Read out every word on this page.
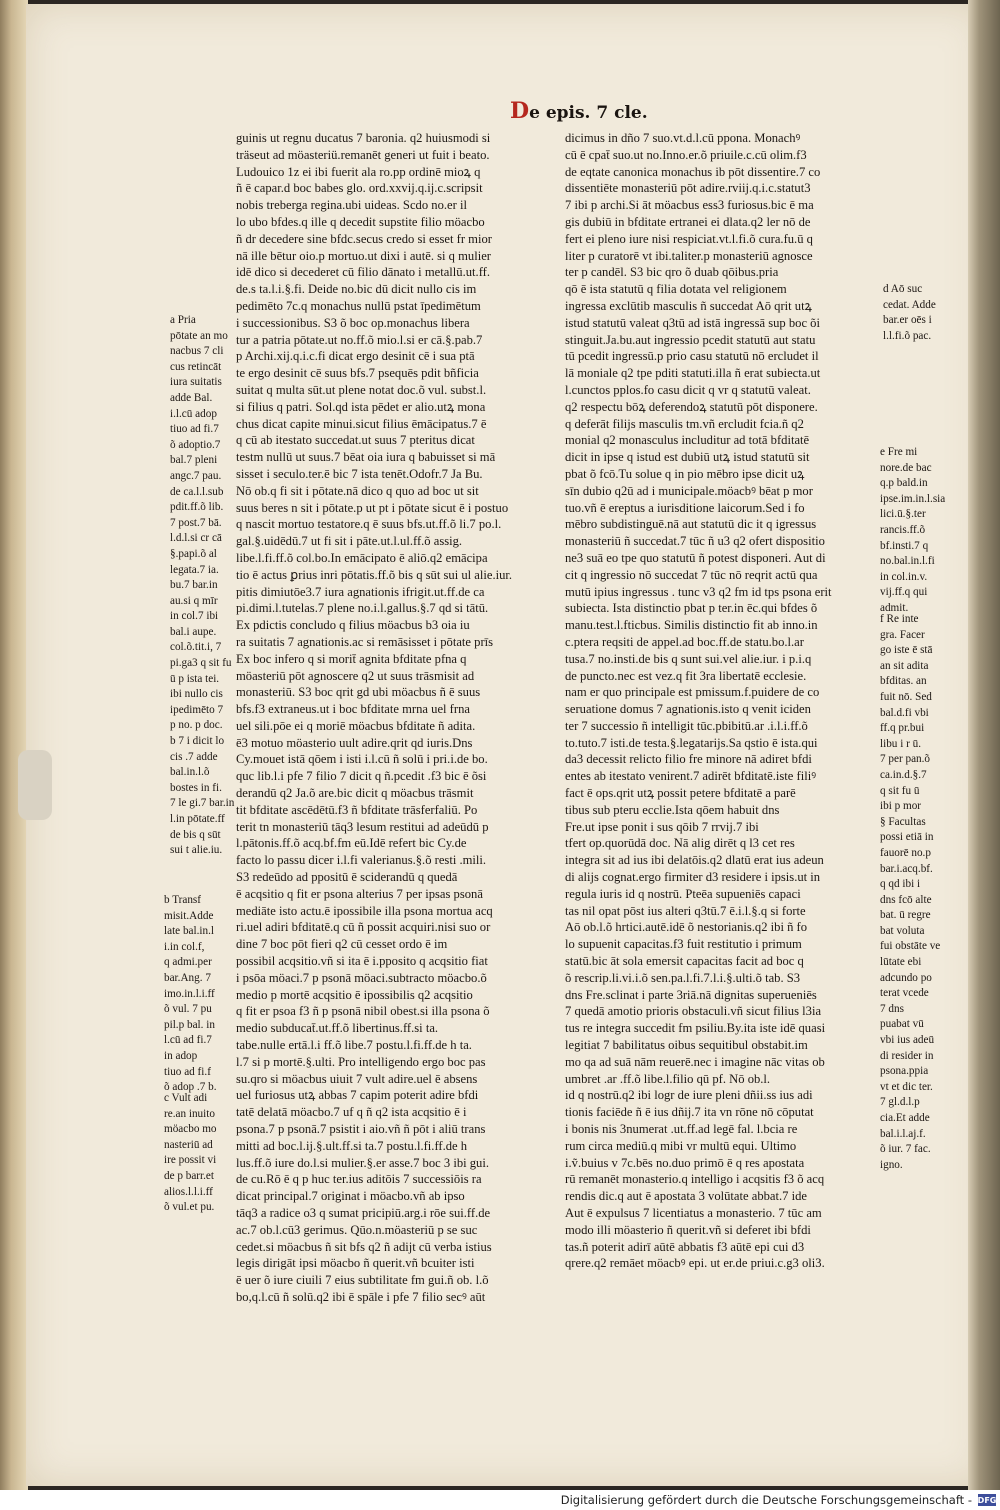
De epis. 7 cle.
guinis ut regnu ducatus 7 baronia. q2 huiusmodi si
träseut ad möasteriü.remanēt generi ut fuit i beato.
Ludouico 1z ei ibi fuerit ala ro.pp ordinē mioꝝ q
ñ ē capar.d boc babes glo. ord.xxvij.q.ij.c.scripsit
nobis treberga regina.ubi uideas. Scdo no.er il
lo ubo bfdes.q ille q decedit supstite filio möacbo
ñ dr decedere sine bfdc.secus credo si esset fr mior
nā ille bētur oio.p mortuo.ut dixi i autē. si q mulier
idē dico si decederet cū filio dānato i metallū.ut.ff.
de.s ta.l.i.§.fi. Deide no.bic dū dicit nullo cis im
pedimēto 7c.q monachus nullū pstat īpedimētum
i successionibus. S3 õ boc op.monachus libera
tur a patria pōtate.ut no.ff.õ mio.l.si er cā.§.pab.7
p Archi.xij.q.i.c.fi dicat ergo desinit cē i sua ptā
te ergo desinit cē suus bfs.7 psequēs pdit bñficia
suitat q multa sūt.ut plene notat doc.õ vul. subst.l.
si filius q patri. Sol.qd ista pēdet er alio.utꝝ mona
chus dicat capite minui.sicut filius ēmācipatus.7 ē
q cū ab itestato succedat.ut suus 7 pteritus dicat
testm nullū ut suus.7 bēat oia iura q babuisset si mā
sisset i seculo.ter.ē bic 7 ista tenēt.Odofr.7 Ja Bu.
Nō ob.q fi sit i pōtate.nā dico q quo ad boc ut sit
suus beres n sit i pōtate.p ut pt i pōtate sicut ē i postuo
q nascit mortuo testatore.q ē suus bfs.ut.ff.õ li.7 po.l.
gal.§.uidēdū.7 ut fi sit i pāte.ut.l.ul.ff.õ assig.
libe.l.fi.ff.õ col.bo.In emācipato ē aliō.q2 emācipa
tio ē actus ꝑrius inri pōtatis.ff.õ bis q sūt sui ul alie.iur.
pitis dimiutōe3.7 iura agnationis ifrigit.ut.ff.de ca
pi.dimi.l.tutelas.7 plene no.i.l.gallus.§.7 qd si tātū.
Ex pdictis concludo q filius möacbus b3 oia iu
ra suitatis 7 agnationis.ac si remāsisset i pōtate prīs
Ex boc infero q si morit̄ agnita bfditate pfna q
möasteriū pōt agnoscere q2 ut suus trāsmisit ad
monasteriū. S3 boc qrit gd ubi möacbus ñ ē suus
bfs.f3 extraneus.ut i boc bfditate mrna uel frna
uel sili.pōe ei q moriē möacbus bfditate ñ adita.
ē3 motuo möasterio uult adire.qrit qd iuris.Dns
Cy.mouet istā qōem i isti i.l.cū ñ solū i pri.i.de bo.
quc lib.l.i pfe 7 filio 7 dicit q ñ.pcedit .f3 bic ē õsi
derandū q2 Ja.õ are.bic dicit q möacbus trāsmit
tit bfditate ascēdētū.f3 ñ bfditate trāsferfaliū. Po
terit tn monasteriū tāq3 lesum restitui ad adeūdū p
l.pātonis.ff.õ acq.bf.fm eū.Idē refert bic Cy.de
facto lo passu dicer i.l.fi valerianus.§.õ resti .mili.
S3 redeūdo ad ppositū ē sciderandū q quedā
ē acqsitio q fit er psona alterius 7 per ipsas psonā
mediāte isto actu.ē ipossibile illa psona mortua acq
ri.uel adiri bfditatē.q cū ñ possit acquiri.nisi suo or
dine 7 boc pōt fieri q2 cū cesset ordo ē im
possibil acqsitio.vñ si ita ē i.pposito q acqsitio fiat
i psōa möaci.7 p psonā möaci.subtracto möacbo.õ
medio p mortē acqsitio ē ipossibilis q2 acqsitio
q fit er psoa f3 ñ p psonā nibil obest.si illa psona õ
medio subducat̄.ut.ff.õ libertinus.ff.si ta.
tabe.nulle ertā.l.i ff.õ libe.7 postu.l.fi.ff.de h ta.
l.7 si p mortē.§.ulti. Pro intelligendo ergo boc pas
su.qro si möacbus uiuit 7 vult adire.uel ē absens
uel furiosus utꝝ abbas 7 capim poterit adire bfdi
tatē delatā möacbo.7 uf q ñ q2 ista acqsitio ē i
psona.7 p psonā.7 psistit i aio.vñ ñ pōt i aliū trans
mitti ad boc.l.ij.§.ult.ff.si ta.7 postu.l.fi.ff.de h
lus.ff.õ iure do.l.si mulier.§.er asse.7 boc 3 ibi gui.
de cu.Rō ē q p huc ter.ius aditōis 7 successiōis ra
dicat principal.7 originat i möacbo.vñ ab ipso
tāq3 a radice o3 q sumat pricipiū.arg.i rōe sui.ff.de
ac.7 ob.l.cū3 gerimus. Qūo.n.möasteriū p se suc
cedet.si möacbus ñ sit bfs q2 ñ adijt cū verba istius
legis dirigāt ipsi möacbo ñ querit.vñ bcuiter isti
ē uer õ iure ciuili 7 eius subtilitate fm gui.ñ ob. l.õ
bo,q.l.cū ñ solū.q2 ibi ē spāle i pfe 7 filio secꝰ aūt
dicimus in dño 7 suo.vt.d.l.cū ppona. Monachꝰ
cū ē cpat̄ suo.ut no.Inno.er.õ priuile.c.cū olim.f3
de eqtate canonica monachus ib pōt dissentire.7 co
dissentiēte monasteriū pōt adire.rviij.q.i.c.statut3
7 ibi p archi.Si āt möacbus ess3 furiosus.bic ē ma
gis dubiū in bfditate ertranei ei dlata.q2 ler nō de
fert ei pleno iure nisi respiciat.vt.l.fi.õ cura.fu.ū q
liter p curatorē vt ibi.taliter.p monasteriū agnosce
ter p candēl. S3 bic qro õ duab qōibus.pria
qō ē ista statutū q filia dotata vel religionem
ingressa exclūtib masculis ñ succedat Aō qrit utꝝ
istud statutū valeat q3tū ad istā ingressā sup boc õi
stinguit.Ja.bu.aut ingressio pcedit statutū aut statu
tū pcedit ingressū.p prio casu statutū nō ercludet il
lā moniale q2 tpe pditi statuti.illa ñ erat subiecta.ut
l.cunctos pplos.fo casu dicit q vr q statutū valeat.
q2 respectu bōꝝ deferendoꝝ statutū pōt disponere.
q deferāt filijs masculis tm.vñ ercludit fcia.ñ q2
monial q2 monasculus includitur ad totā bfditatē
dicit in ipse q istud est dubiū utꝝ istud statutū sit
pbat õ fcō.Tu solue q in pio mēbro ipse dicit uꝝ
sīn dubio q2ū ad i municipale.möacbꝰ bēat p mor
tuo.vñ ē ereptus a iurisditione laicorum.Sed i fo
mēbro subdistinguē.nā aut statutū dic it q igressus
monasteriū ñ succedat.7 tūc ñ u3 q2 ofert dispositio
ne3 suā eo tpe quo statutū ñ potest disponeri. Aut di
cit q ingressio nō succedat 7 tūc nō reqrit actū qua
mutū ipius ingressus . tunc v3 q2 fm id tps psona erit
subiecta. Ista distinctio pbat p ter.in ēc.qui bfdes õ
manu.test.l.fticbus. Similis distinctio fit ab inno.in
c.ptera reqsiti de appel.ad boc.ff.de statu.bo.l.ar
tusa.7 no.insti.de bis q sunt sui.vel alie.iur. i p.i.q
de puncto.nec est vez.q fit 3ra libertatē ecclesie.
nam er quo principale est pmissum.f.puidere de co
seruatione domus 7 agnationis.isto q venit iciden
ter 7 successio ñ intelligit tūc.pbibitū.ar .i.l.i.ff.õ
to.tuto.7 isti.de testa.§.legatarijs.Sa qstio ē ista.qui
da3 decessit relicto filio fre minore nā adiret bfdi
entes ab itestato venirent.7 adirēt bfditatē.iste filiꝰ
fact ē ops.qrit utꝝ possit petere bfditatē a parē
tibus sub pteru ecclie.Ista qōem habuit dns
Fre.ut ipse ponit i sus qōib 7 rrvij.7 ibi
tfert op.quorūdā doc. Nā alig dirēt q l3 cet res
integra sit ad ius ibi delatōis.q2 dlatū erat ius adeun
di alijs cognat.ergo firmiter d3 residere i ipsis.ut in
regula iuris id q nostrū. Pteēa supueniēs capaci
tas nil opat pōst ius alteri q3tū.7 ē.i.l.§.q si forte
Aō ob.l.õ hrtici.autē.idē õ nestorianis.q2 ibi ñ fo
lo supuenit capacitas.f3 fuit restitutio i primum
statū.bic āt sola emersit capacitas facit ad boc q
õ rescrip.li.vi.i.õ sen.pa.l.fi.7.l.i.§.ulti.õ tab. S3
dns Fre.sclinat i parte 3riā.nā dignitas superueniēs
7 quedā amotio prioris obstaculi.vñ sicut filius l3ia
tus re integra succedit fm psiliu.By.ita iste idē quasi
legitiat 7 babilitatus oibus sequitibul obstabit.im
mo qa ad suā nām reuerē.nec i imagine nāc vitas ob
umbret .ar .ff.õ libe.l.filio qū pf. Nō ob.l.
id q nostrū.q2 ibi logr de iure pleni dñii.ss ius adi
tionis faciēde ñ ē ius dñij.7 ita vn rōne nō cōputat
i bonis nis 3numerat .ut.ff.ad legē fal. l.bcia re
rum circa mediū.q mibi vr multū equi. Ultimo
i.ṽ.buius v 7c.bēs no.duo primō ē q res apostata
rū remanēt monasterio.q intelligo i acqsitis f3 õ acq
rendis dic.q aut ē apostata 3 volūtate abbat.7 ide
Aut ē expulsus 7 licentiatus a monasterio. 7 tūc am
modo illi möasterio ñ querit.vñ si deferet ibi bfdi
tas.ñ poterit adirī aūtē abbatis f3 aūtē epi cui d3
qrere.q2 remāet möacbꝰ epi. ut er.de priui.c.g3 oli3.
a Pria
pōtate an mo
nacbus 7 cli
cus retincāt
iura suitatis
adde Bal.
i.l.cū adop
tiuo ad fi.7
õ adoptio.7
bal.7 pleni
angc.7 pau.
de ca.l.l.sub
pdit.ff.õ lib.
7 post.7 bā.
l.d.l.si cr cā
§.papi.õ al
legata.7 ia.
bu.7 bar.in
au.si q mīr
in col.7 ibi
bal.i aupe.
col.õ.tit.i, 7
pi.ga3 q sit fu
ū p ista tei.
ibi nullo cis
ipedimēto 7
p no. p doc.
b 7 i dicit lo
cis .7 adde
bal.in.l.õ
bostes in fi.
7 le gi.7 bar.in
l.in pōtate.ff
de bis q sūt
sui t alie.iu.
b Transf
misit.Adde
late bal.in.l
i.in col.f,
q admi.per
bar.Ang. 7
imo.in.l.i.ff
õ vul. 7 pu
pil.p bal. in
l.cū ad fi.7
in adop
tiuo ad fi.f
õ adop .7 b.
c Vult adi
re.an inuito
möacbo mo
nasteriū ad
ire possit vi
de p barr.et
alios.l.l.i.ff
õ vul.et pu.
d Aō suc
cedat. Adde
bar.er oēs i
l.l.fi.õ pac.
e Fre mi
nore.de bac
q.p bald.in
ipse.im.in.l.sia
lici.ū.§.ter
rancis.ff.õ
bf.insti.7 q
no.bal.in.l.fi
in col.in.v.
vij.ff.q qui
admit.
f Re inte
gra. Facer
go iste ē stā
an sit adita
bfditas. an
fuit nō. Sed
bal.d.fi vbi
ff.q pr.bui
libu i r ū.
7 per pan.õ
ca.in.d.§.7
q sit fu ū
ibi p mor
§ Facultas
possi etiā in
fauorē no.p
bar.i.acq.bf.
q qd ibi i
dns fcō alte
bat. ū regre
bat voluta
fui obstāte ve
lūtate ebi
adcundo po
terat vcede
7 dns
puabat vū
vbi ius adeū
di resider in
psona.ppia
vt et dic ter.
7 gl.d.l.p
cia.Et adde
bal.i.l.aj.f.
õ iur. 7 fac.
igno.
Digitalisierung gefördert durch die Deutsche Forschungsgemeinschaft - DFG
